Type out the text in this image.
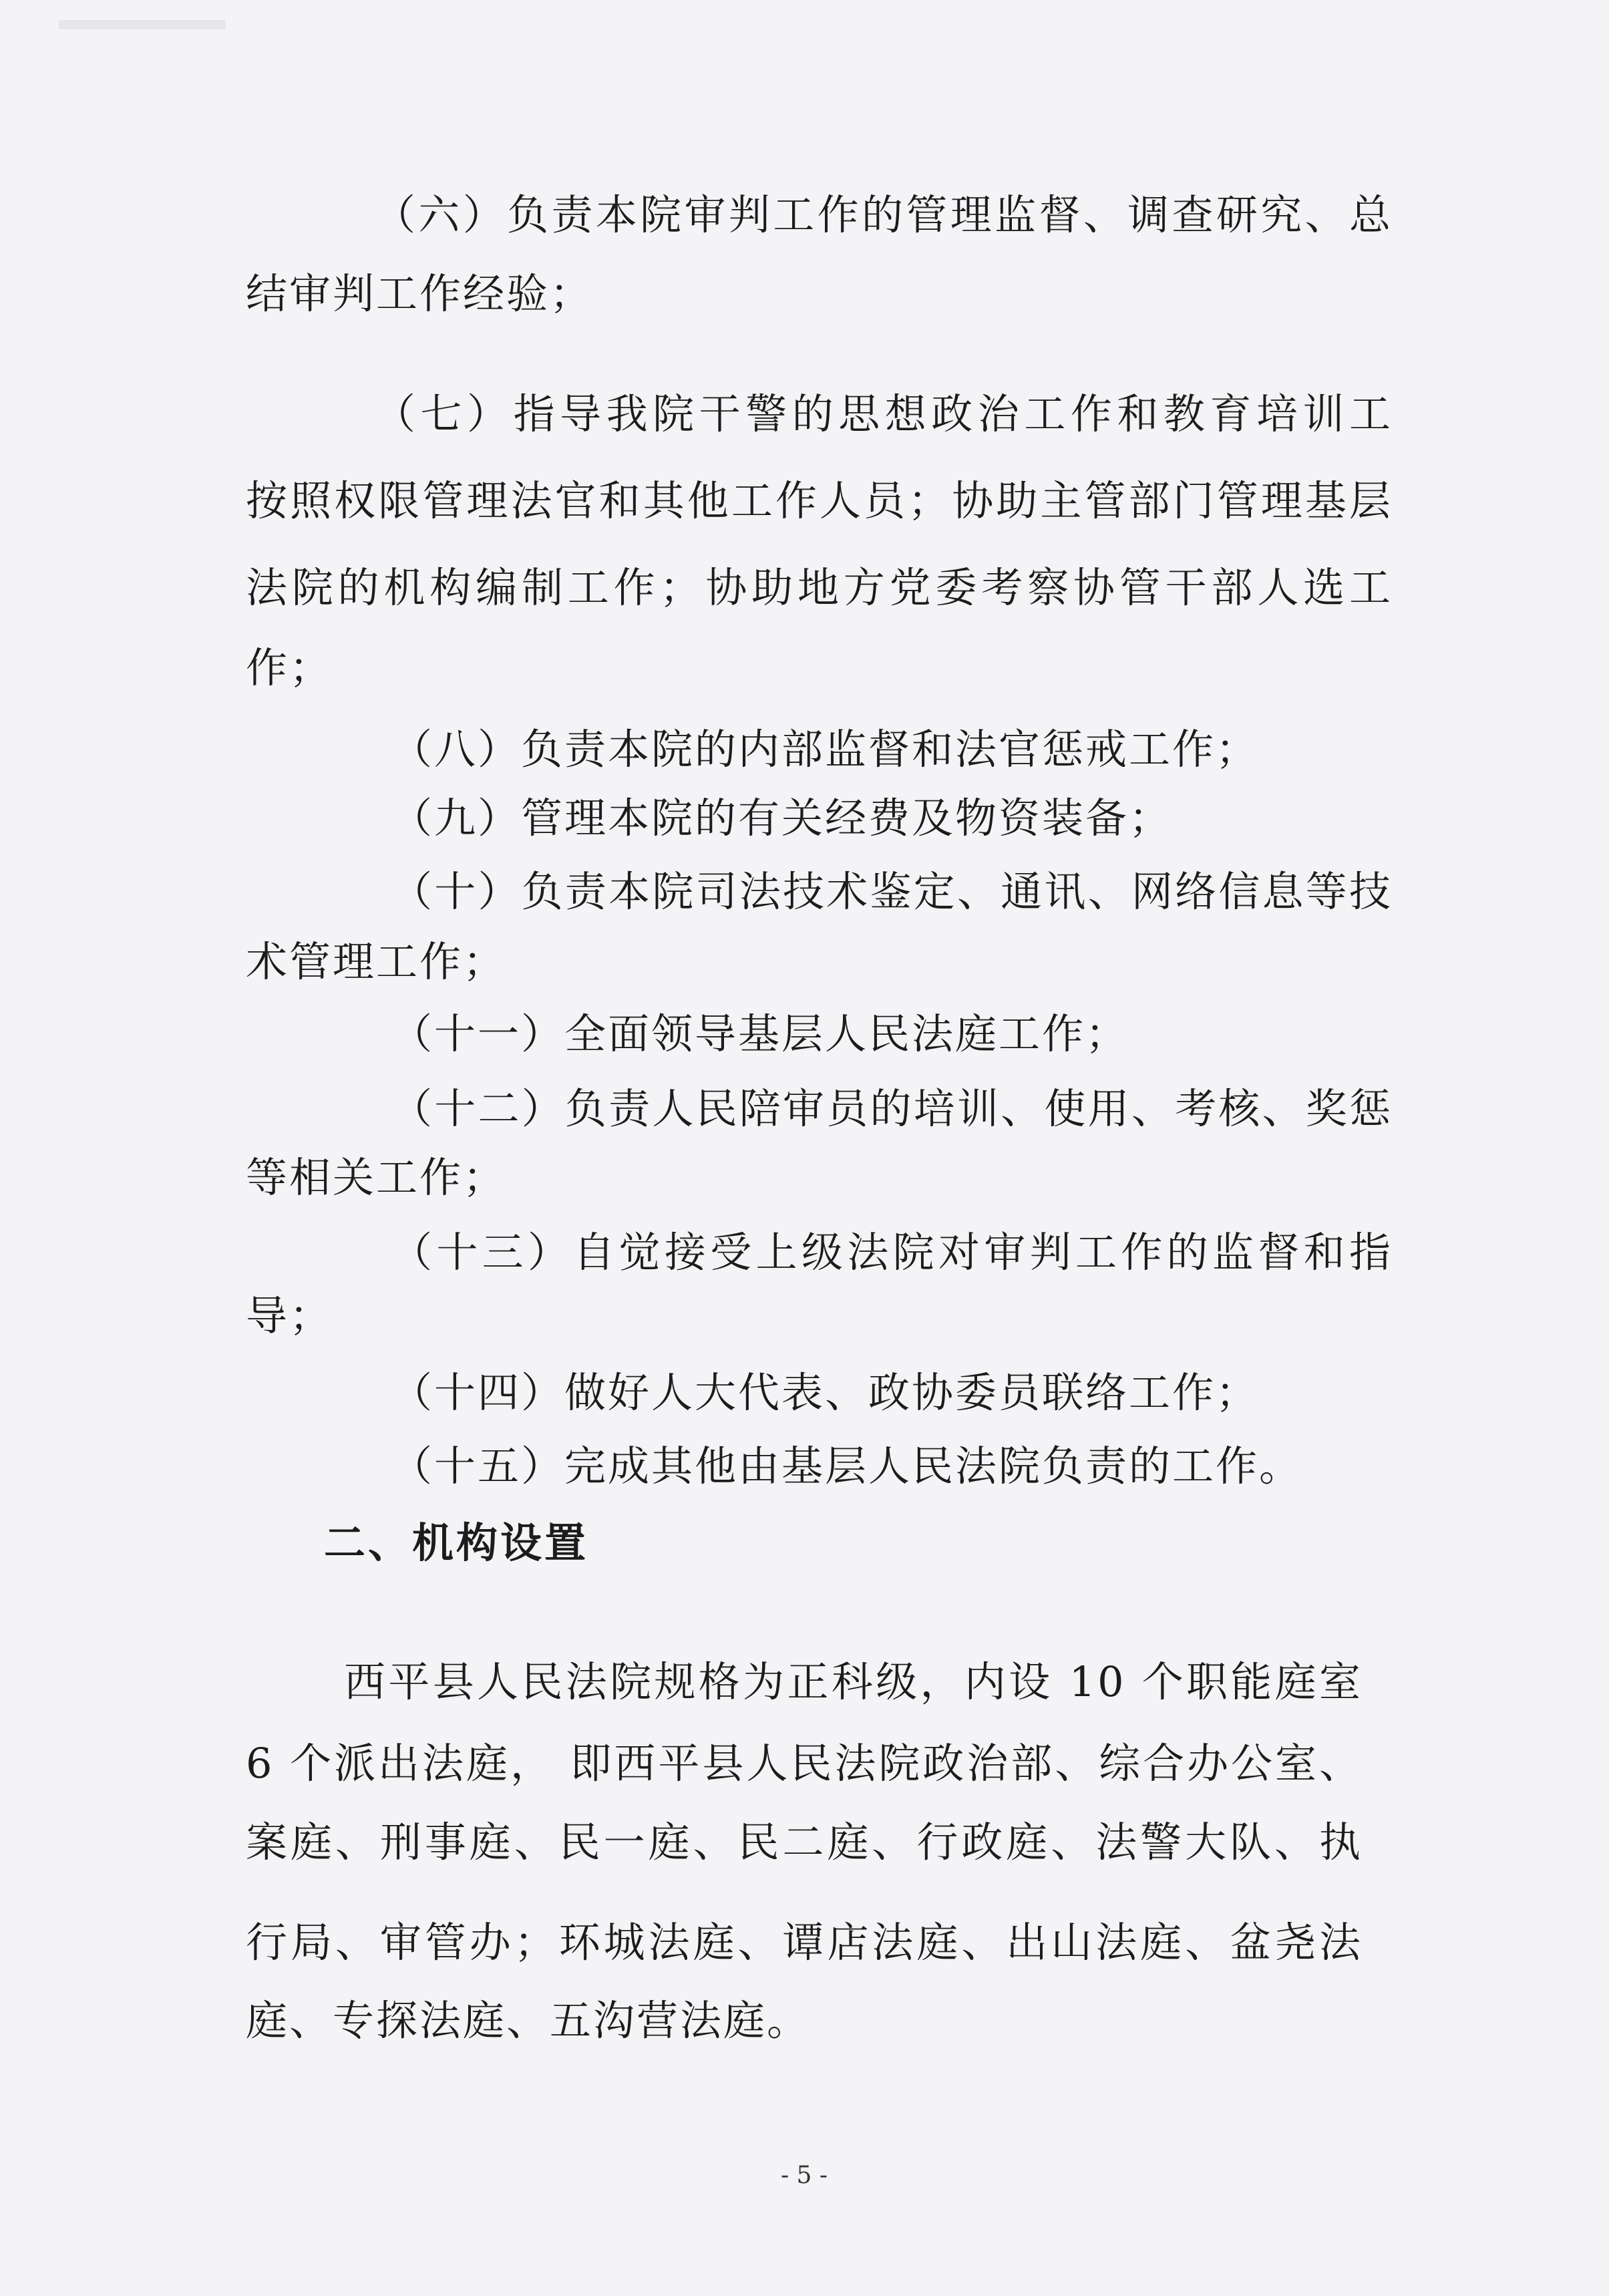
（六）负责本院审判工作的管理监督、调查研究、总
结审判工作经验；
（七）指导我院干警的思想政治工作和教育培训工
按照权限管理法官和其他工作人员；协助主管部门管理基层
法院的机构编制工作；协助地方党委考察协管干部人选工
作；
（八）负责本院的内部监督和法官惩戒工作；
（九）管理本院的有关经费及物资装备；
（十）负责本院司法技术鉴定、通讯、网络信息等技
术管理工作；
（十一）全面领导基层人民法庭工作；
（十二）负责人民陪审员的培训、使用、考核、奖惩
等相关工作；
（十三）自觉接受上级法院对审判工作的监督和指
导；
（十四）做好人大代表、政协委员联络工作；
（十五）完成其他由基层人民法院负责的工作。
二、机构设置
西平县人民法院规格为正科级，内设 10 个职能庭室
6 个派出法庭， 即西平县人民法院政治部、综合办公室、
案庭、刑事庭、民一庭、民二庭、行政庭、法警大队、执
行局、审管办；环城法庭、谭店法庭、出山法庭、盆尧法
庭、专探法庭、五沟营法庭。
- 5 -
